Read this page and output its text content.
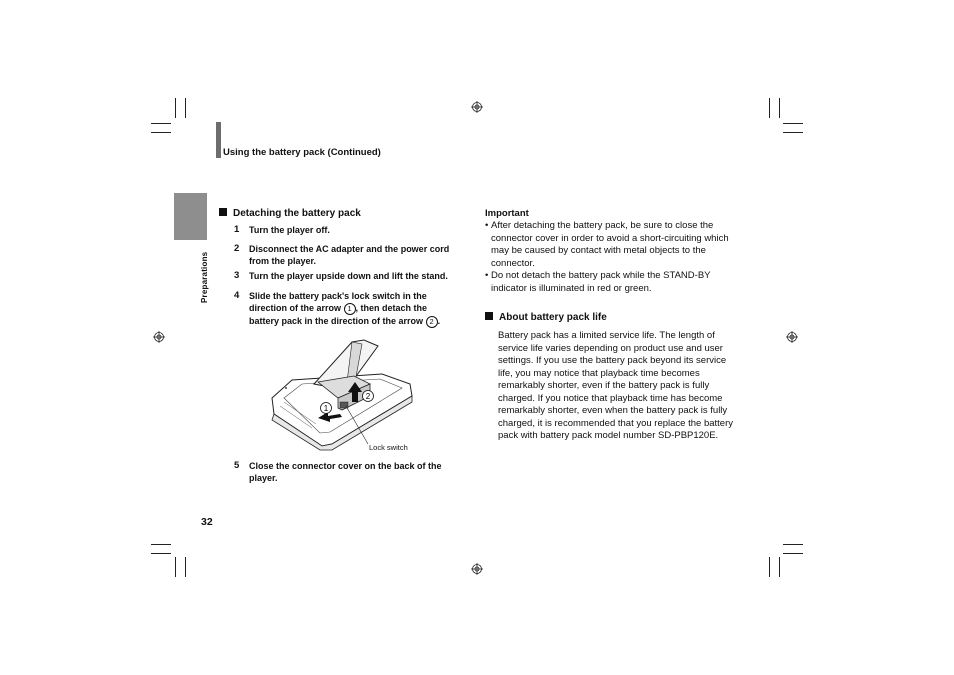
Using the battery pack (Continued)
Preparations
Detaching the battery pack
1 Turn the player off.
2 Disconnect the AC adapter and the power cord from the player.
3 Turn the player upside down and lift the stand.
4 Slide the battery pack's lock switch in the direction of the arrow 1 , then detach the battery pack in the direction of the arrow 2 .
1
2
Lock switch
5 Close the connector cover on the back of the player.
Important
• After detaching the battery pack, be sure to close the connector cover in order to avoid a short-circuiting which may be caused by contact with metal objects to the connector.
• Do not detach the battery pack while the STAND-BY indicator is illuminated in red or green.
About battery pack life
Battery pack has a limited service life. The length of service life varies depending on product use and user settings. If you use the battery pack beyond its service life, you may notice that playback time becomes remarkably shorter, even if the battery pack is fully charged. If you notice that playback time has become remarkably shorter, even when the battery pack is fully charged, it is recommended that you replace the battery pack with battery pack model number SD-PBP120E.
32
